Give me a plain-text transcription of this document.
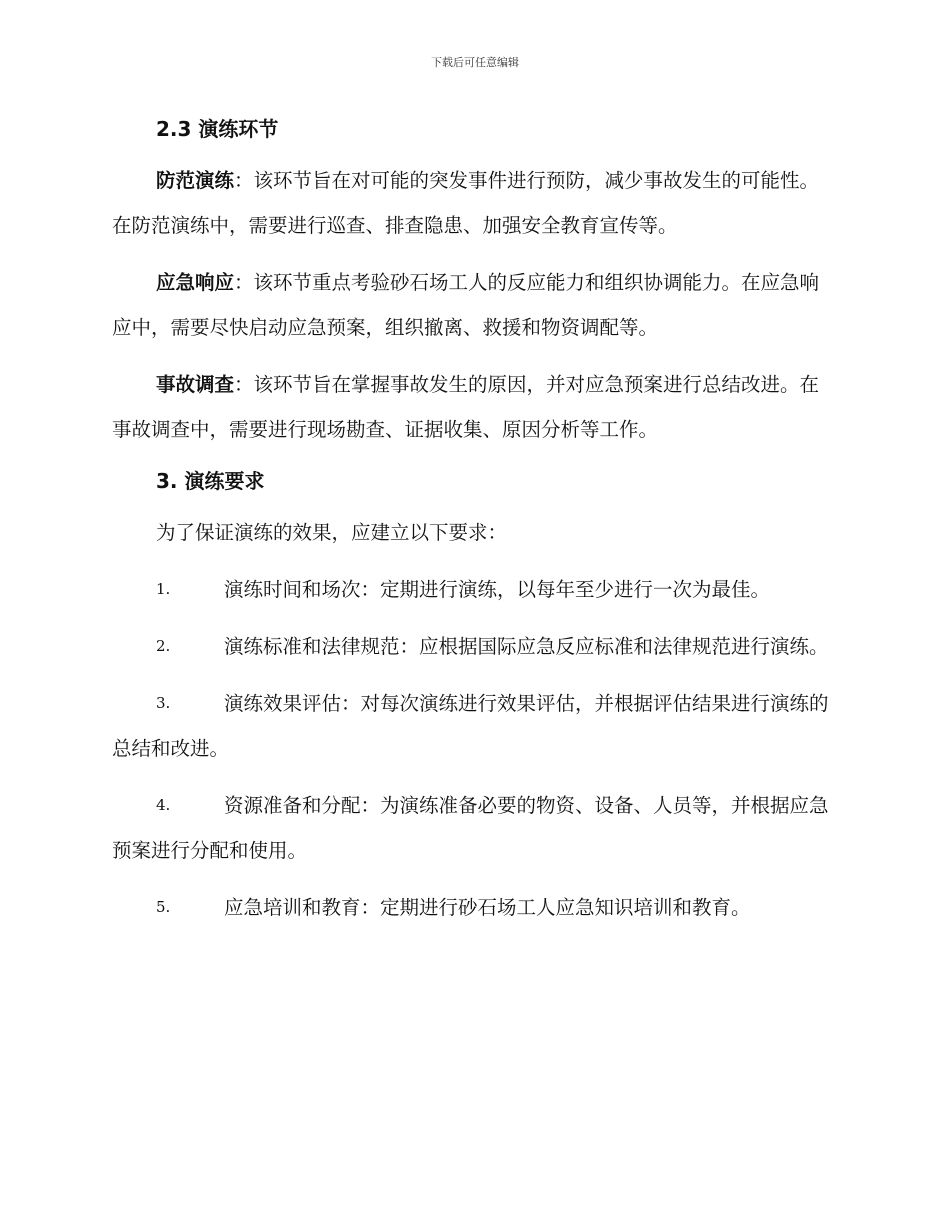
下载后可任意编辑
2.3 演练环节

防范演练：该环节旨在对可能的突发事件进行预防，减少事故发生的可能性。在防范演练中，需要进行巡查、排查隐患、加强安全教育宣传等。

应急响应：该环节重点考验砂石场工人的反应能力和组织协调能力。在应急响应中，需要尽快启动应急预案，组织撤离、救援和物资调配等。

事故调查：该环节旨在掌握事故发生的原因，并对应急预案进行总结改进。在事故调查中，需要进行现场勘查、证据收集、原因分析等工作。

3. 演练要求

为了保证演练的效果，应建立以下要求：

1.	演练时间和场次：定期进行演练，以每年至少进行一次为最佳。

2.	演练标准和法律规范：应根据国际应急反应标准和法律规范进行演练。

3.	演练效果评估：对每次演练进行效果评估，并根据评估结果进行演练的总结和改进。

4.	资源准备和分配：为演练准备必要的物资、设备、人员等，并根据应急预案进行分配和使用。

5.	应急培训和教育：定期进行砂石场工人应急知识培训和教育。
